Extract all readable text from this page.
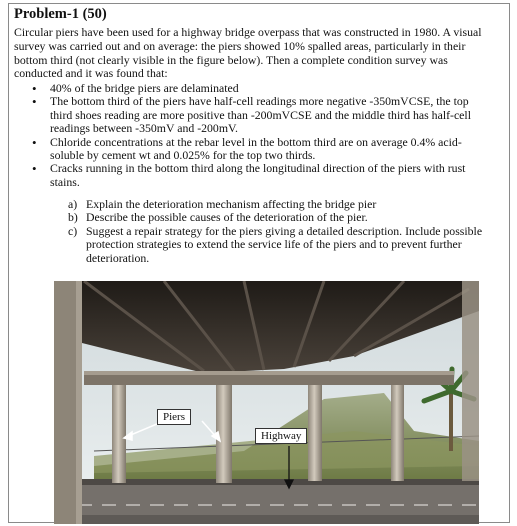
Problem-1 (50)
Circular piers have been used for a highway bridge overpass that was constructed in 1980. A visual
survey was carried out and on average: the piers showed 10% spalled areas, particularly in their
bottom third (not clearly visible in the figure below). Then a complete condition survey was
conducted and it was found that:
• 40% of the bridge piers are delaminated
• The bottom third of the piers have half-cell readings more negative -350mVCSE, the top
third shoes reading are more positive than -200mVCSE and the middle third has half-cell
readings between -350mV and -200mV.
• Chloride concentrations at the rebar level in the bottom third are on average 0.4% acid-
soluble by cement wt and 0.025% for the top two thirds.
• Cracks running in the bottom third along the longitudinal direction of the piers with rust
stains.
a) Explain the deterioration mechanism affecting the bridge pier
b) Describe the possible causes of the deterioration of the pier.
c) Suggest a repair strategy for the piers giving a detailed description. Include possible
protection strategies to extend the service life of the piers and to prevent further
deterioration.
Piers
Highway
